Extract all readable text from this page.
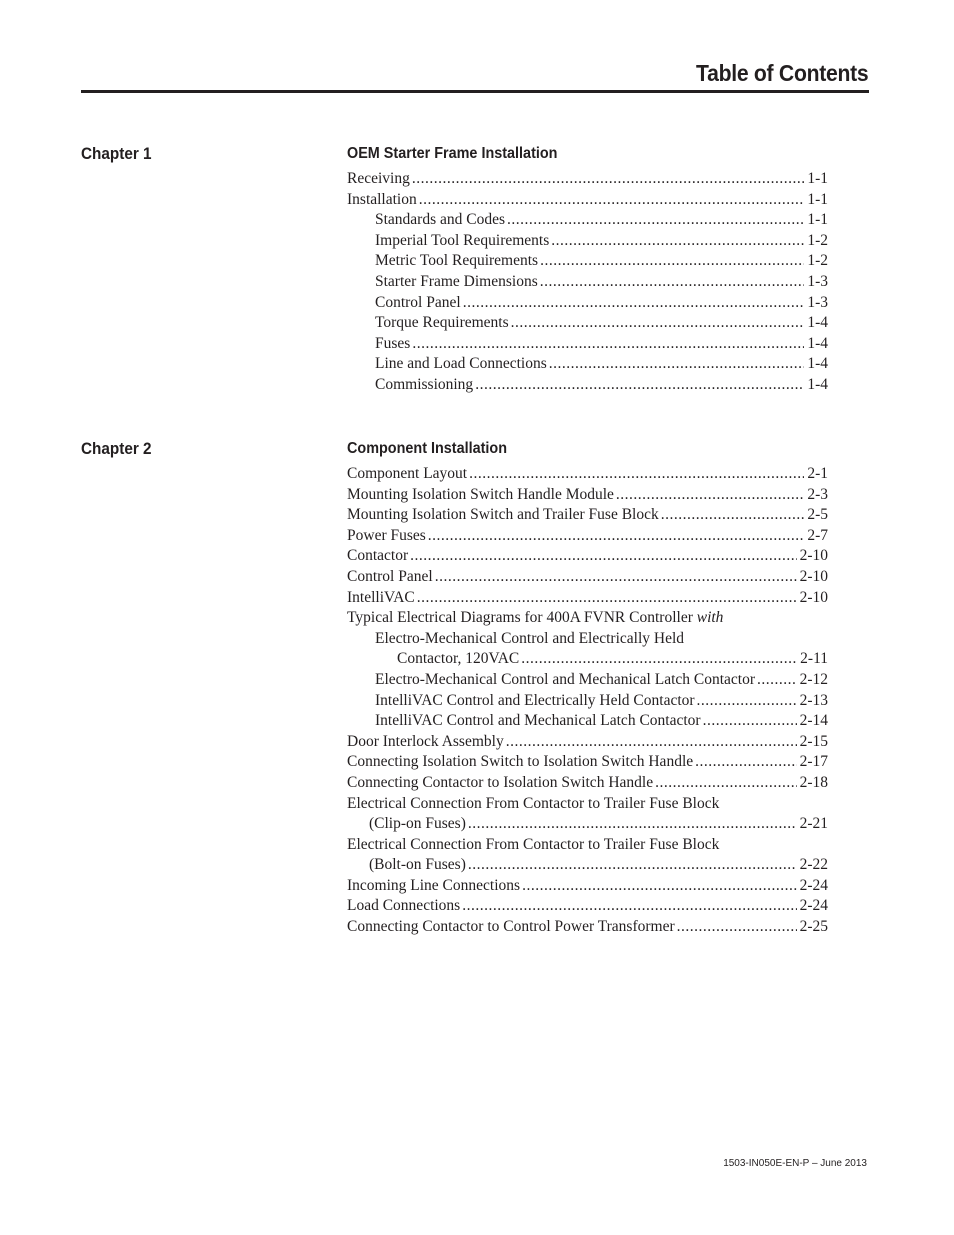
Table of Contents
Chapter 1	OEM Starter Frame Installation
Receiving .....	1-1
Installation .....	1-1
Standards and Codes .....	1-1
Imperial Tool Requirements .....	1-2
Metric Tool Requirements .....	1-2
Starter Frame Dimensions .....	1-3
Control Panel .....	1-3
Torque Requirements .....	1-4
Fuses .....	1-4
Line and Load Connections .....	1-4
Commissioning .....	1-4
Chapter 2	Component Installation
Component Layout .....	2-1
Mounting Isolation Switch Handle Module .....	2-3
Mounting Isolation Switch and Trailer Fuse Block .....	2-5
Power Fuses .....	2-7
Contactor .....	2-10
Control Panel .....	2-10
IntelliVAC .....	2-10
Typical Electrical Diagrams for 400A FVNR Controller with
Electro-Mechanical Control and Electrically Held
Contactor, 120VAC .....	2-11
Electro-Mechanical Control and Mechanical Latch Contactor .....	2-12
IntelliVAC Control and Electrically Held Contactor .....	2-13
IntelliVAC Control and Mechanical Latch Contactor .....	2-14
Door Interlock Assembly .....	2-15
Connecting Isolation Switch to Isolation Switch Handle .....	2-17
Connecting Contactor to Isolation Switch Handle .....	2-18
Electrical Connection From Contactor to Trailer Fuse Block
(Clip-on Fuses) .....	2-21
Electrical Connection From Contactor to Trailer Fuse Block
(Bolt-on Fuses) .....	2-22
Incoming Line Connections .....	2-24
Load Connections .....	2-24
Connecting Contactor to Control Power Transformer .....	2-25
1503-IN050E-EN-P – June 2013
